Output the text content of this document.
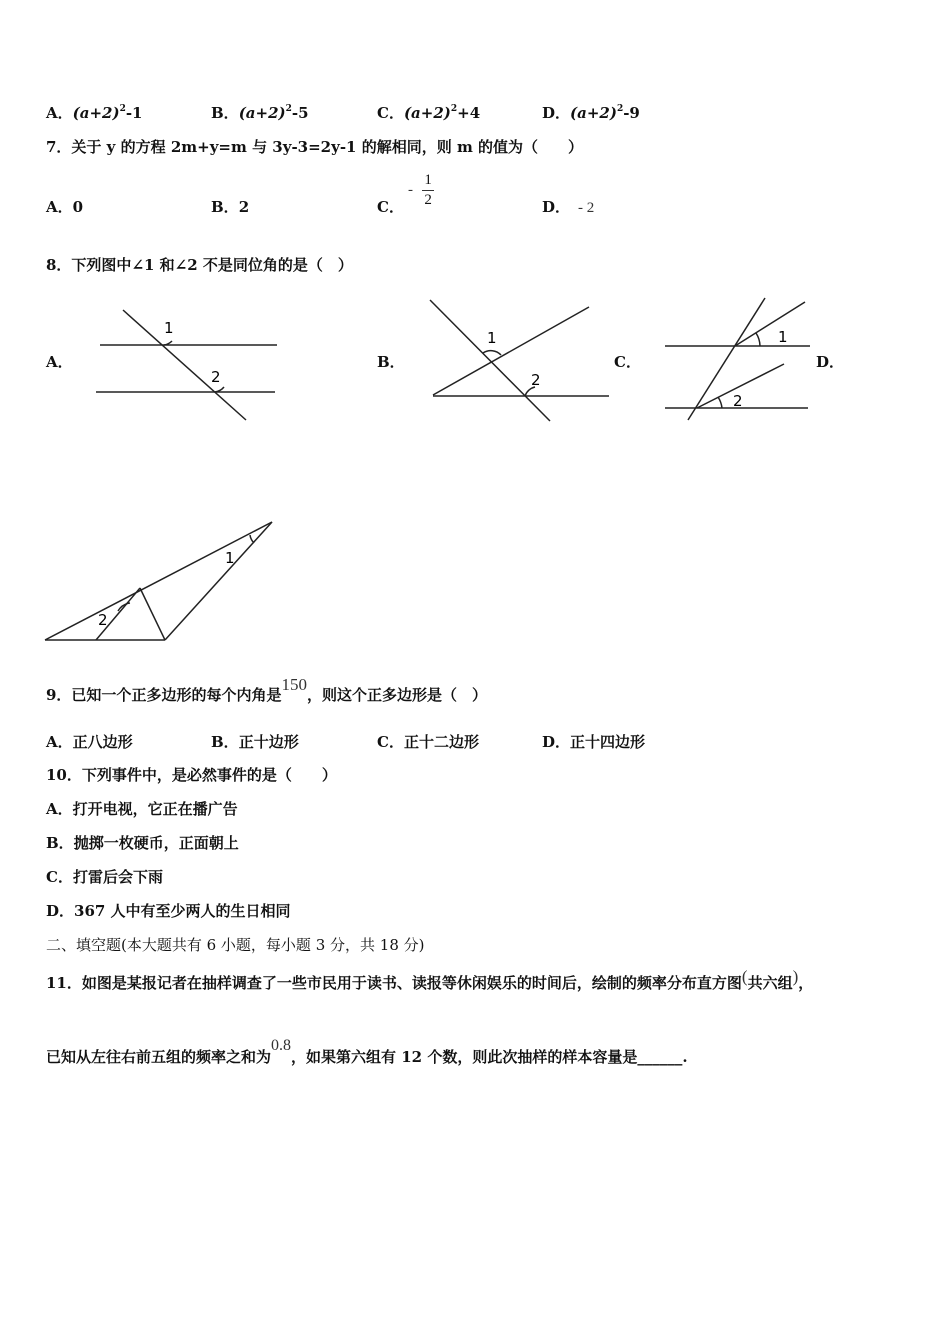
A．$(a+2)^2-1$	B．$(a+2)^2-5$	C．$(a+2)^2+4$	D．$(a+2)^2-9$
7．关于 y 的方程 2m+y=m 与 3y-3=2y-1 的解相同，则 m 的值为（　　）
A．0	B．2	C．
- $\frac{1}{2}$	D． - 2
8．下列图中∠1 和∠2 不是同位角的是（　）
A．	B．	C．	D．
1
2
1
2
1
2
1
2
9．已知一个正多边形的每个内角是150，则这个正多边形是（　）
A．正八边形	B．正十边形	C．正十二边形	D．正十四边形
10．下列事件中，是必然事件的是（　　）
A．打开电视，它正在播广告
B．抛掷一枚硬币，正面朝上
C．打雷后会下雨
D．367 人中有至少两人的生日相同
二、填空题(本大题共有 6 小题，每小题 3 分，共 18 分)
11．如图是某报记者在抽样调查了一些市民用于读书、读报等休闲娱乐的时间后，绘制的频率分布直方图(共六组)，
已知从左往右前五组的频率之和为0.8，如果第六组有 12 个数，则此次抽样的样本容量是______.
